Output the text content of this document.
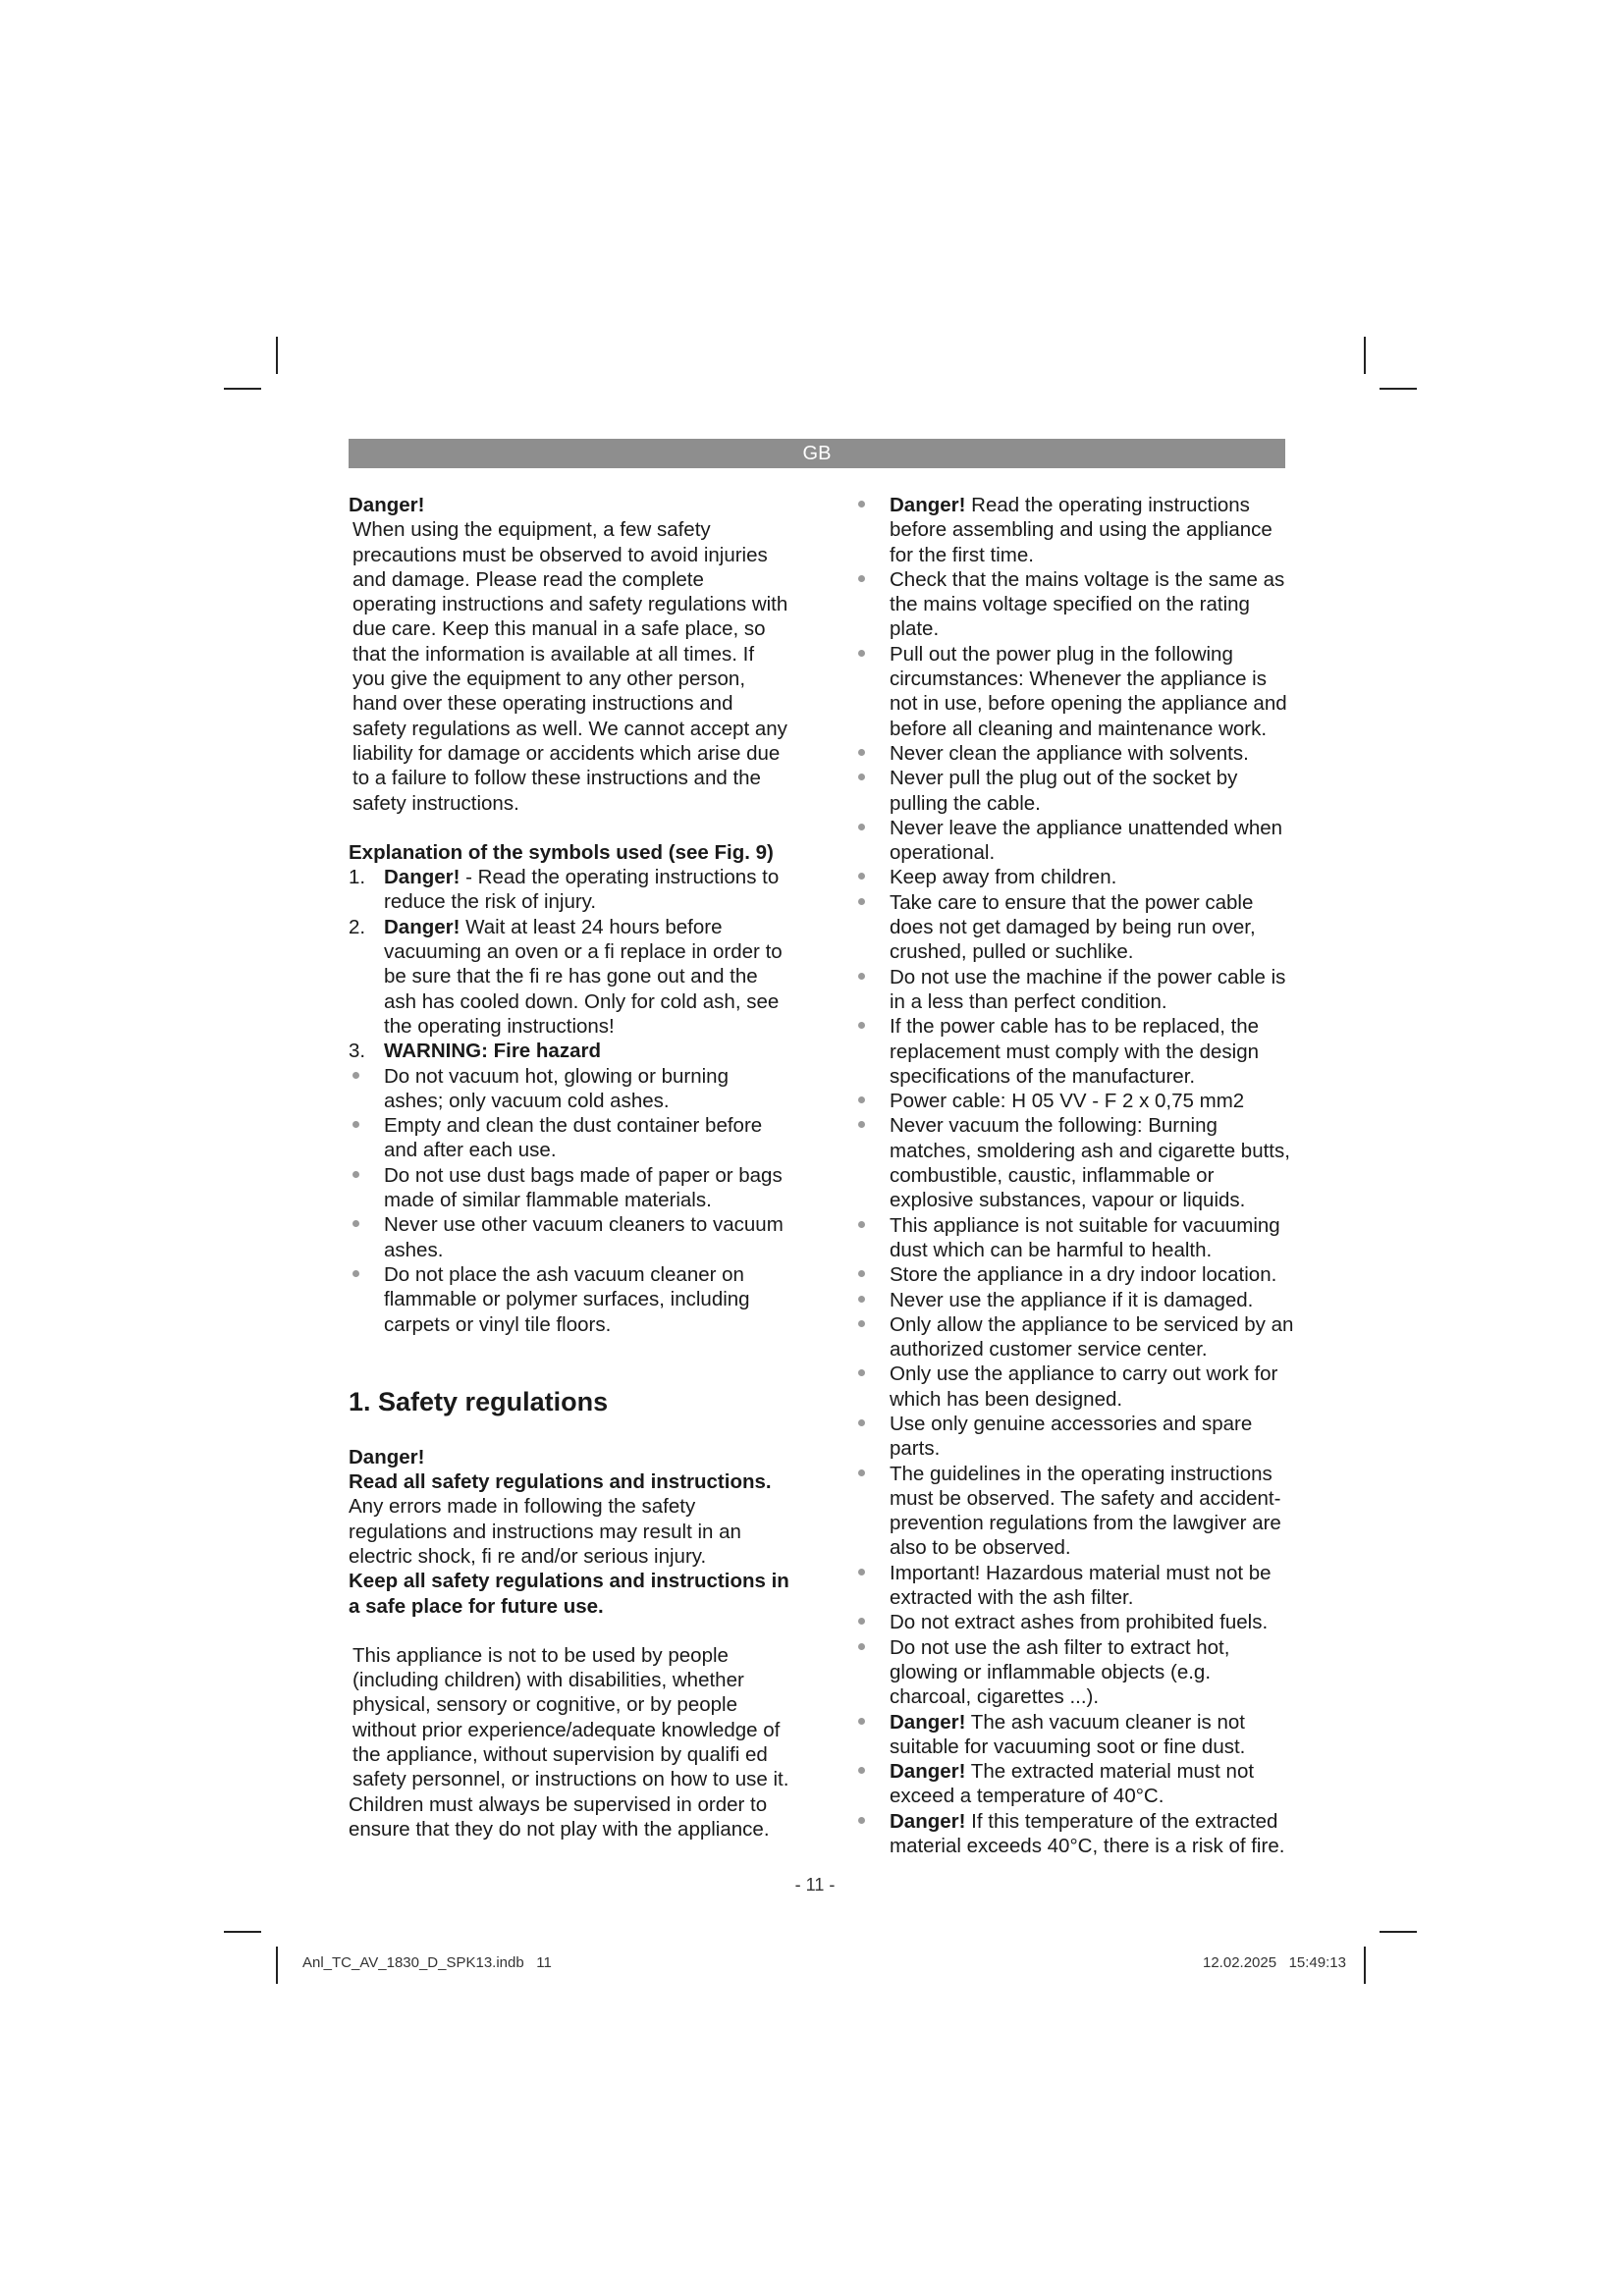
GB

Danger!

When using the equipment, a few safety precautions must be observed to avoid injuries and damage. Please read the complete operating instructions and safety regulations with due care. Keep this manual in a safe place, so that the information is available at all times. If you give the equipment to any other person, hand over these operating instructions and safety regulations as well. We cannot accept any liability for damage or accidents which arise due to a failure to follow these instructions and the safety instructions.

Explanation of the symbols used (see Fig. 9)

1. Danger! - Read the operating instructions to reduce the risk of injury.
2. Danger! Wait at least 24 hours before vacuuming an oven or a fi replace in order to be sure that the fi re has gone out and the ash has cooled down. Only for cold ash, see the operating instructions!
3. WARNING: Fire hazard
Do not vacuum hot, glowing or burning ashes; only vacuum cold ashes.
Empty and clean the dust container before and after each use.
Do not use dust bags made of paper or bags made of similar flammable materials.
Never use other vacuum cleaners to vacuum ashes.
Do not place the ash vacuum cleaner on flammable or polymer surfaces, including carpets or vinyl tile floors.

1. Safety regulations

Danger!

Read all safety regulations and instructions.

Any errors made in following the safety regulations and instructions may result in an electric shock, fi re and/or serious injury.

Keep all safety regulations and instructions in a safe place for future use.

This appliance is not to be used by people (including children) with disabilities, whether physical, sensory or cognitive, or by people without prior experience/adequate knowledge of the appliance, without supervision by qualifi ed safety personnel, or instructions on how to use it.

Children must always be supervised in order to ensure that they do not play with the appliance.

Danger! Read the operating instructions before assembling and using the appliance for the first time.
Check that the mains voltage is the same as the mains voltage specified on the rating plate.
Pull out the power plug in the following circumstances: Whenever the appliance is not in use, before opening the appliance and before all cleaning and maintenance work.
Never clean the appliance with solvents.
Never pull the plug out of the socket by pulling the cable.
Never leave the appliance unattended when operational.
Keep away from children.
Take care to ensure that the power cable does not get damaged by being run over, crushed, pulled or suchlike.
Do not use the machine if the power cable is in a less than perfect condition.
If the power cable has to be replaced, the replacement must comply with the design specifications of the manufacturer.
Power cable: H 05 VV - F 2 x 0,75 mm2
Never vacuum the following: Burning matches, smoldering ash and cigarette butts, combustible, caustic, inflammable or explosive substances, vapour or liquids.
This appliance is not suitable for vacuuming dust which can be harmful to health.
Store the appliance in a dry indoor location.
Never use the appliance if it is damaged.
Only allow the appliance to be serviced by an authorized customer service center.
Only use the appliance to carry out work for which has been designed.
Use only genuine accessories and spare parts.
The guidelines in the operating instructions must be observed. The safety and accident-prevention regulations from the lawgiver are also to be observed.
Important! Hazardous material must not be extracted with the ash filter.
Do not extract ashes from prohibited fuels.
Do not use the ash filter to extract hot, glowing or inflammable objects (e.g. charcoal, cigarettes ...).
Danger! The ash vacuum cleaner is not suitable for vacuuming soot or fine dust.
Danger! The extracted material must not exceed a temperature of 40°C.
Danger! If this temperature of the extracted material exceeds 40°C, there is a risk of fire.
- 11 -
Anl_TC_AV_1830_D_SPK13.indb   11	12.02.2025   15:49:13
